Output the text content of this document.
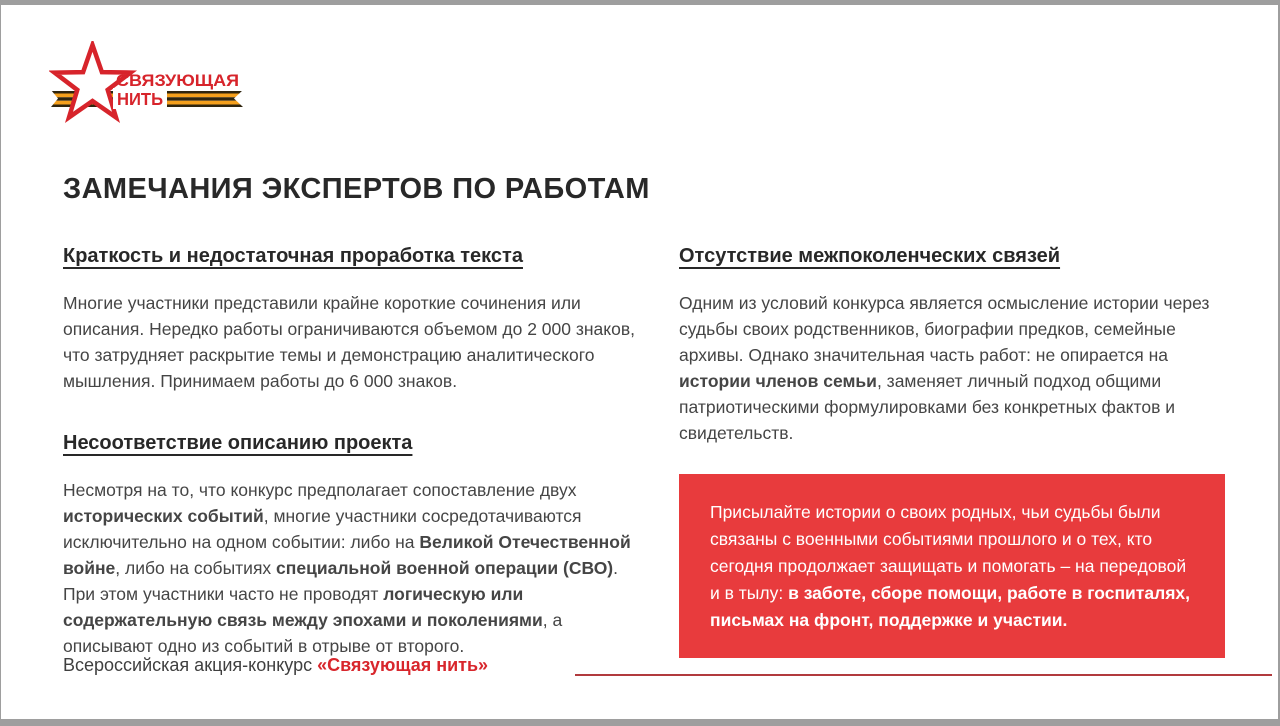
СВЯЗУЮЩАЯ
НИТЬ
ЗАМЕЧАНИЯ ЭКСПЕРТОВ ПО РАБОТАМ
Краткость и недостаточная проработка текста

Многие участники представили крайне короткие сочинения или описания. Нередко работы ограничиваются объемом до 2 000 знаков, что затрудняет раскрытие темы и демонстрацию аналитического мышления. Принимаем работы до 6 000 знаков.

Несоответствие описанию проекта

Несмотря на то, что конкурс предполагает сопоставление двух исторических событий, многие участники сосредотачиваются исключительно на одном событии: либо на Великой Отечественной войне, либо на событиях специальной военной операции (СВО). При этом участники часто не проводят логическую или содержательную связь между эпохами и поколениями, а описывают одно из событий в отрыве от второго.

Отсутствие межпоколенческих связей

Одним из условий конкурса является осмысление истории через судьбы своих родственников, биографии предков, семейные архивы. Однако значительная часть работ: не опирается на истории членов семьи, заменяет личный подход общими патриотическими формулировками без конкретных фактов и свидетельств.

Присылайте истории о своих родных, чьи судьбы были связаны с военными событиями прошлого и о тех, кто сегодня продолжает защищать и помогать – на передовой и в тылу: в заботе, сборе помощи, работе в госпиталях, письмах на фронт, поддержке и участии.

Всероссийская акция-конкурс «Связующая нить»
